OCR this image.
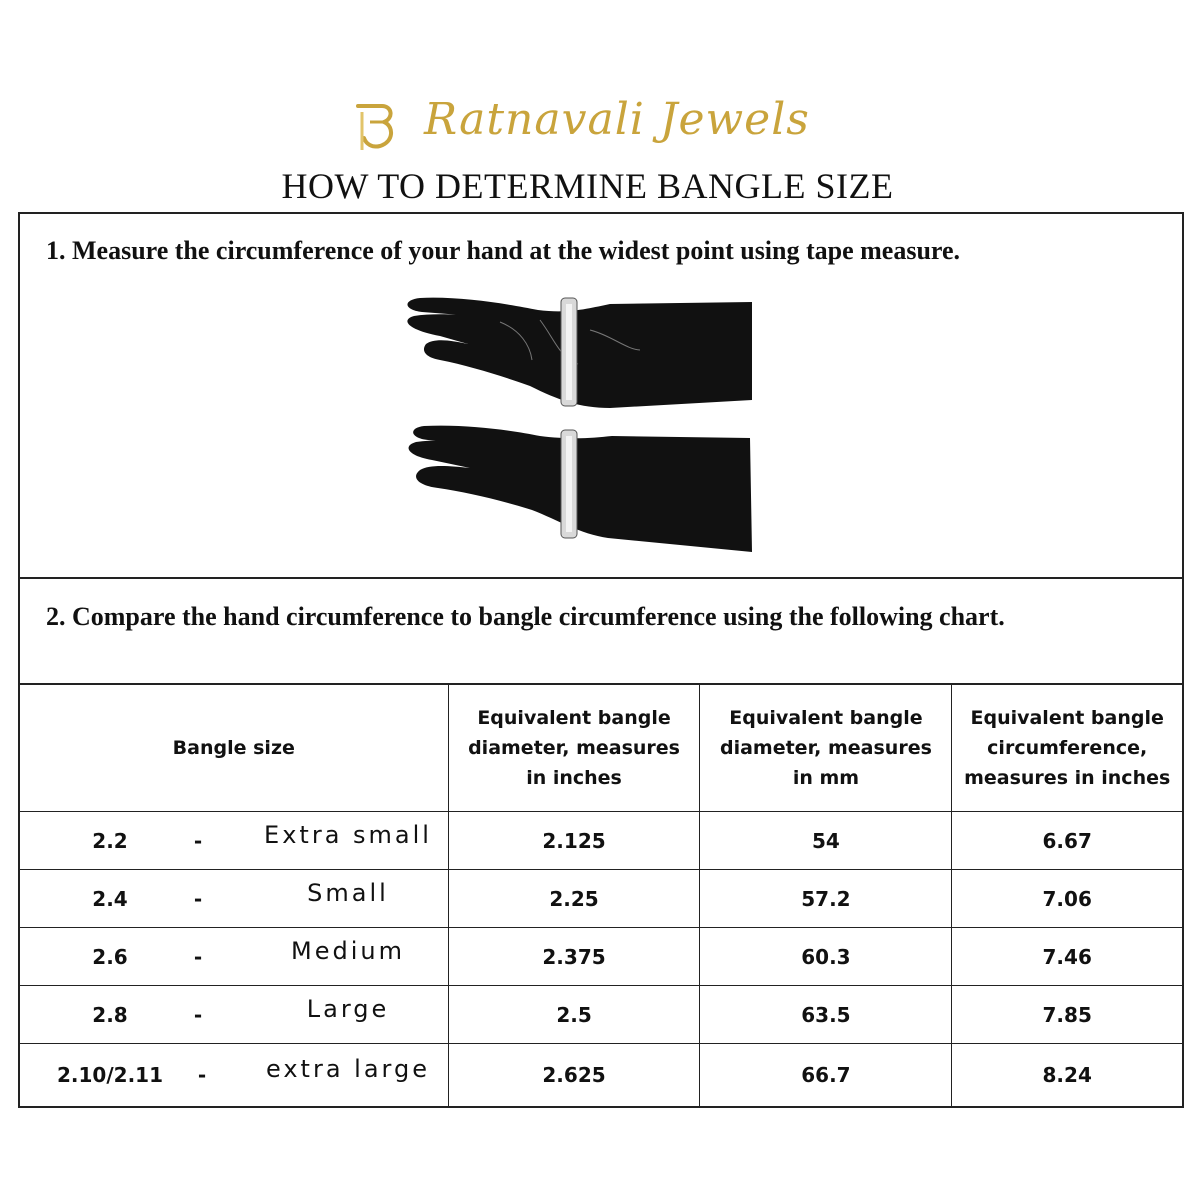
Ratnavali Jewels
HOW TO DETERMINE BANGLE SIZE
1. Measure the circumference of your hand at the widest point using tape measure.
2. Compare the hand circumference to bangle circumference using the following chart.
Bangle size	Equivalent bangle diameter, measures in inches	Equivalent bangle diameter, measures in mm	Equivalent bangle circumference, measures in inches

2.2 - Extra small	2.125	54	6.67

2.4 - Small	2.25	57.2	7.06

2.6 - Medium	2.375	60.3	7.46

2.8 - Large	2.5	63.5	7.85

2.10/2.11 - extra large	2.625	66.7	8.24
